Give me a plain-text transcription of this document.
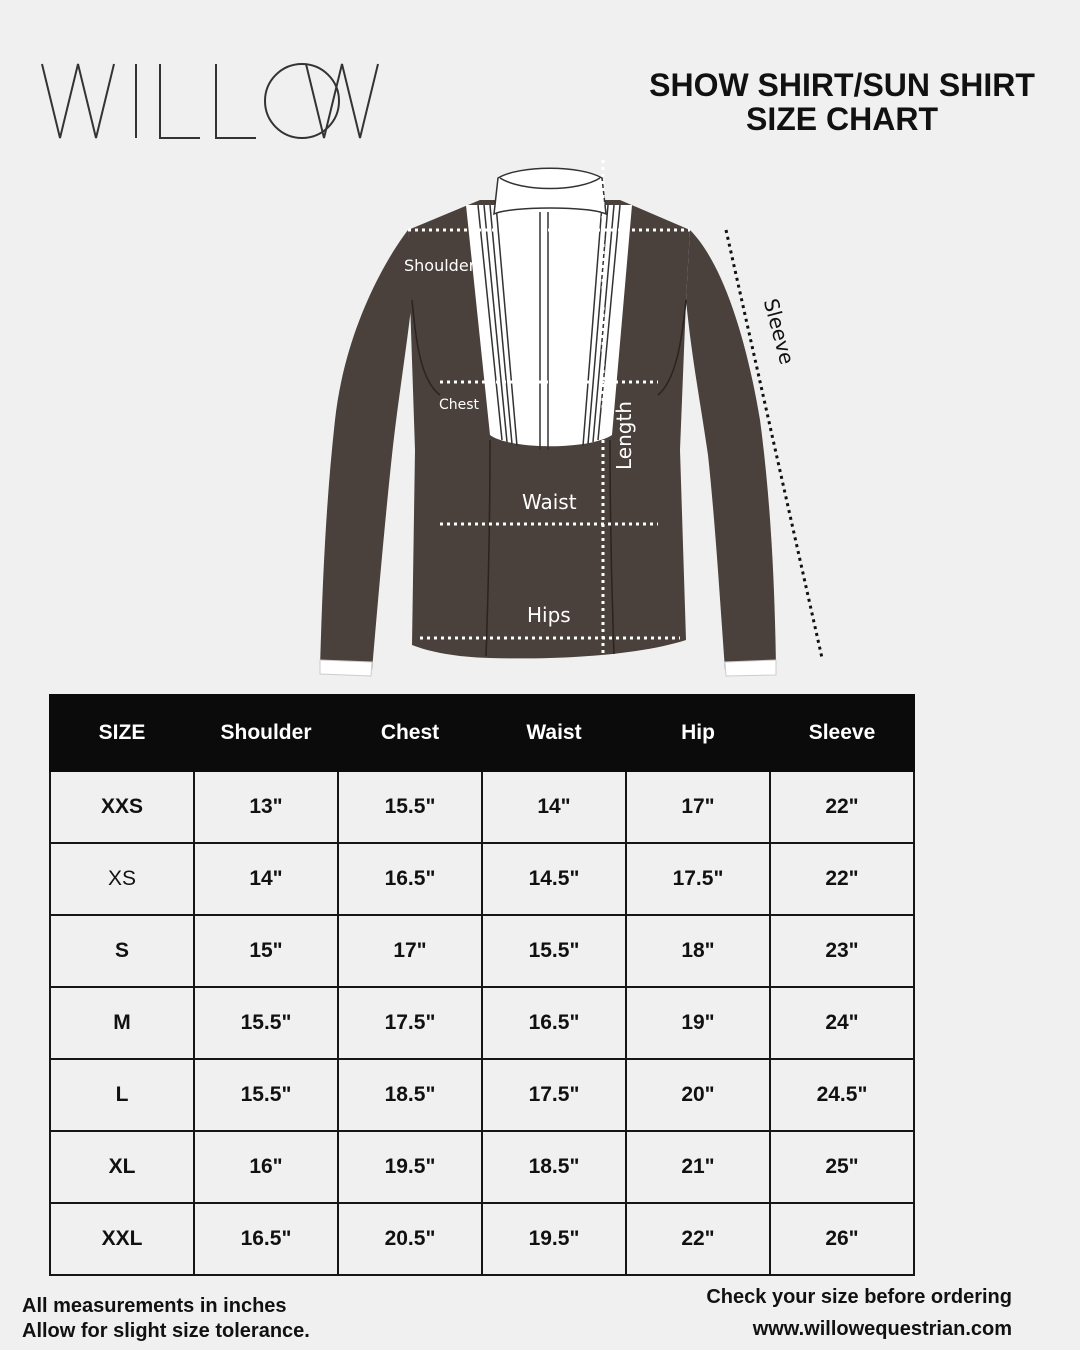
SHOW SHIRT/SUN SHIRT
SIZE CHART
Shoulder
Chest
Waist
Hips
Length
Sleeve
SIZE	Shoulder	Chest	Waist	Hip	Sleeve
XXS	13"	15.5"	14"	17"	22"
XS	14"	16.5"	14.5"	17.5"	22"
S	15"	17"	15.5"	18"	23"
M	15.5"	17.5"	16.5"	19"	24"
L	15.5"	18.5"	17.5"	20"	24.5"
XL	16"	19.5"	18.5"	21"	25"
XXL	16.5"	20.5"	19.5"	22"	26"
All measurements in inches
Allow for slight size tolerance.
Check your size before ordering
www.willowequestrian.com
